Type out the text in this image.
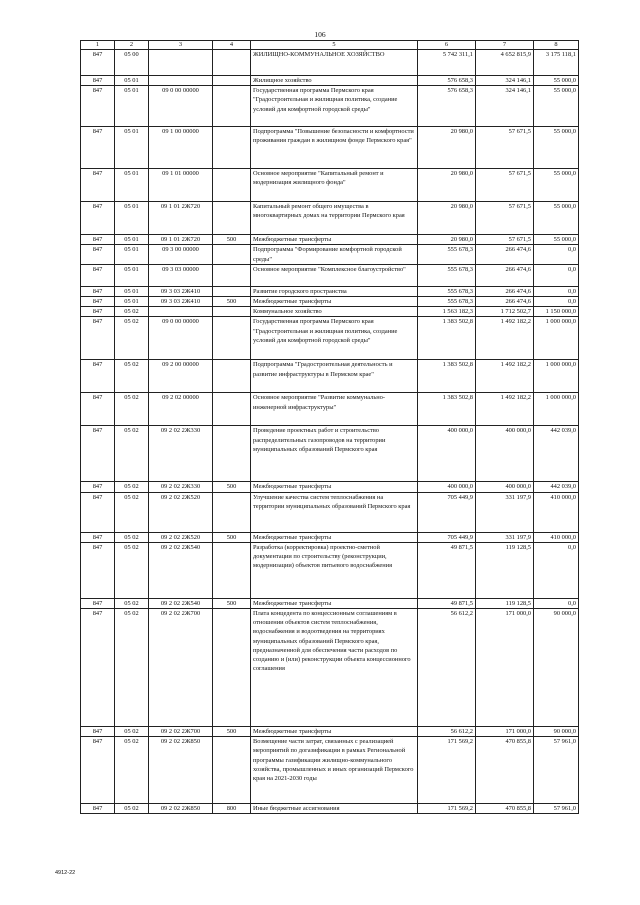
106
1	2	3	4	5	6	7	8
847	05 00			ЖИЛИЩНО-КОММУНАЛЬНОЕ ХОЗЯЙСТВО	5 742 311,1	4 652 815,9	3 175 118,1
847	05 01			Жилищное хозяйство	576 658,3	324 146,1	55 000,0
847	05 01	09 0 00 00000		Государственная программа Пермского края "Градостроительная и жилищная политика, создание условий для комфортной городской среды"	576 658,3	324 146,1	55 000,0
847	05 01	09 1 00 00000		Подпрограмма "Повышение безопасности и комфортности проживания граждан в жилищном фонде Пермского края"	20 980,0	57 671,5	55 000,0
847	05 01	09 1 01 00000		Основное мероприятие "Капитальный ремонт и модернизация жилищного фонда"	20 980,0	57 671,5	55 000,0
847	05 01	09 1 01 2Ж720		Капитальный ремонт общего имущества в многоквартирных домах на территории Пермского края	20 980,0	57 671,5	55 000,0
847	05 01	09 1 01 2Ж720	500	Межбюджетные трансферты	20 980,0	57 671,5	55 000,0
847	05 01	09 3 00 00000		Подпрограмма "Формирование комфортной городской среды"	555 678,3	266 474,6	0,0
847	05 01	09 3 03 00000		Основное мероприятие "Комплексное благоустройство"	555 678,3	266 474,6	0,0
847	05 01	09 3 03 2Ж410		Развитие городского пространства	555 678,3	266 474,6	0,0
847	05 01	09 3 03 2Ж410	500	Межбюджетные трансферты	555 678,3	266 474,6	0,0
847	05 02			Коммунальное хозяйство	1 563 182,3	1 712 502,7	1 150 000,0
847	05 02	09 0 00 00000		Государственная программа Пермского края "Градостроительная и жилищная политика, создание условий для комфортной городской среды"	1 383 502,8	1 492 182,2	1 000 000,0
847	05 02	09 2 00 00000		Подпрограмма "Градостроительная деятельность и развитие инфраструктуры в Пермском крае"	1 383 502,8	1 492 182,2	1 000 000,0
847	05 02	09 2 02 00000		Основное мероприятие "Развитие коммунально-инженерной инфраструктуры"	1 383 502,8	1 492 182,2	1 000 000,0
847	05 02	09 2 02 2Ж330		Проведение проектных работ и строительство распределительных газопроводов на территории муниципальных образований Пермского края	400 000,0	400 000,0	442 039,0
847	05 02	09 2 02 2Ж330	500	Межбюджетные трансферты	400 000,0	400 000,0	442 039,0
847	05 02	09 2 02 2Ж520		Улучшение качества систем теплоснабжения на территории муниципальных образований Пермского края	705 449,9	331 197,9	410 000,0
847	05 02	09 2 02 2Ж520	500	Межбюджетные трансферты	705 449,9	331 197,9	410 000,0
847	05 02	09 2 02 2Ж540		Разработка (корректировка) проектно-сметной документации по строительству (реконструкции, модернизации) объектов питьевого водоснабжения	49 871,5	119 128,5	0,0
847	05 02	09 2 02 2Ж540	500	Межбюджетные трансферты	49 871,5	119 128,5	0,0
847	05 02	09 2 02 2Ж700		Плата концедента по концессионным соглашениям в отношении объектов систем теплоснабжения, водоснабжения и водоотведения на территориях муниципальных образований Пермского края, предназначенной для обеспечения части расходов по созданию и (или) реконструкции объекта концессионного соглашения	56 612,2	171 000,0	90 000,0
847	05 02	09 2 02 2Ж700	500	Межбюджетные трансферты	56 612,2	171 000,0	90 000,0
847	05 02	09 2 02 2Ж850		Возмещение части затрат, связанных с реализацией мероприятий по догазификации в рамках Региональной программы газификации жилищно-коммунального хозяйства, промышленных и иных организаций Пермского края на 2021-2030 годы	171 569,2	470 855,8	57 961,0
847	05 02	09 2 02 2Ж850	800	Иные бюджетные ассигнования	171 569,2	470 855,8	57 961,0
4912-22
